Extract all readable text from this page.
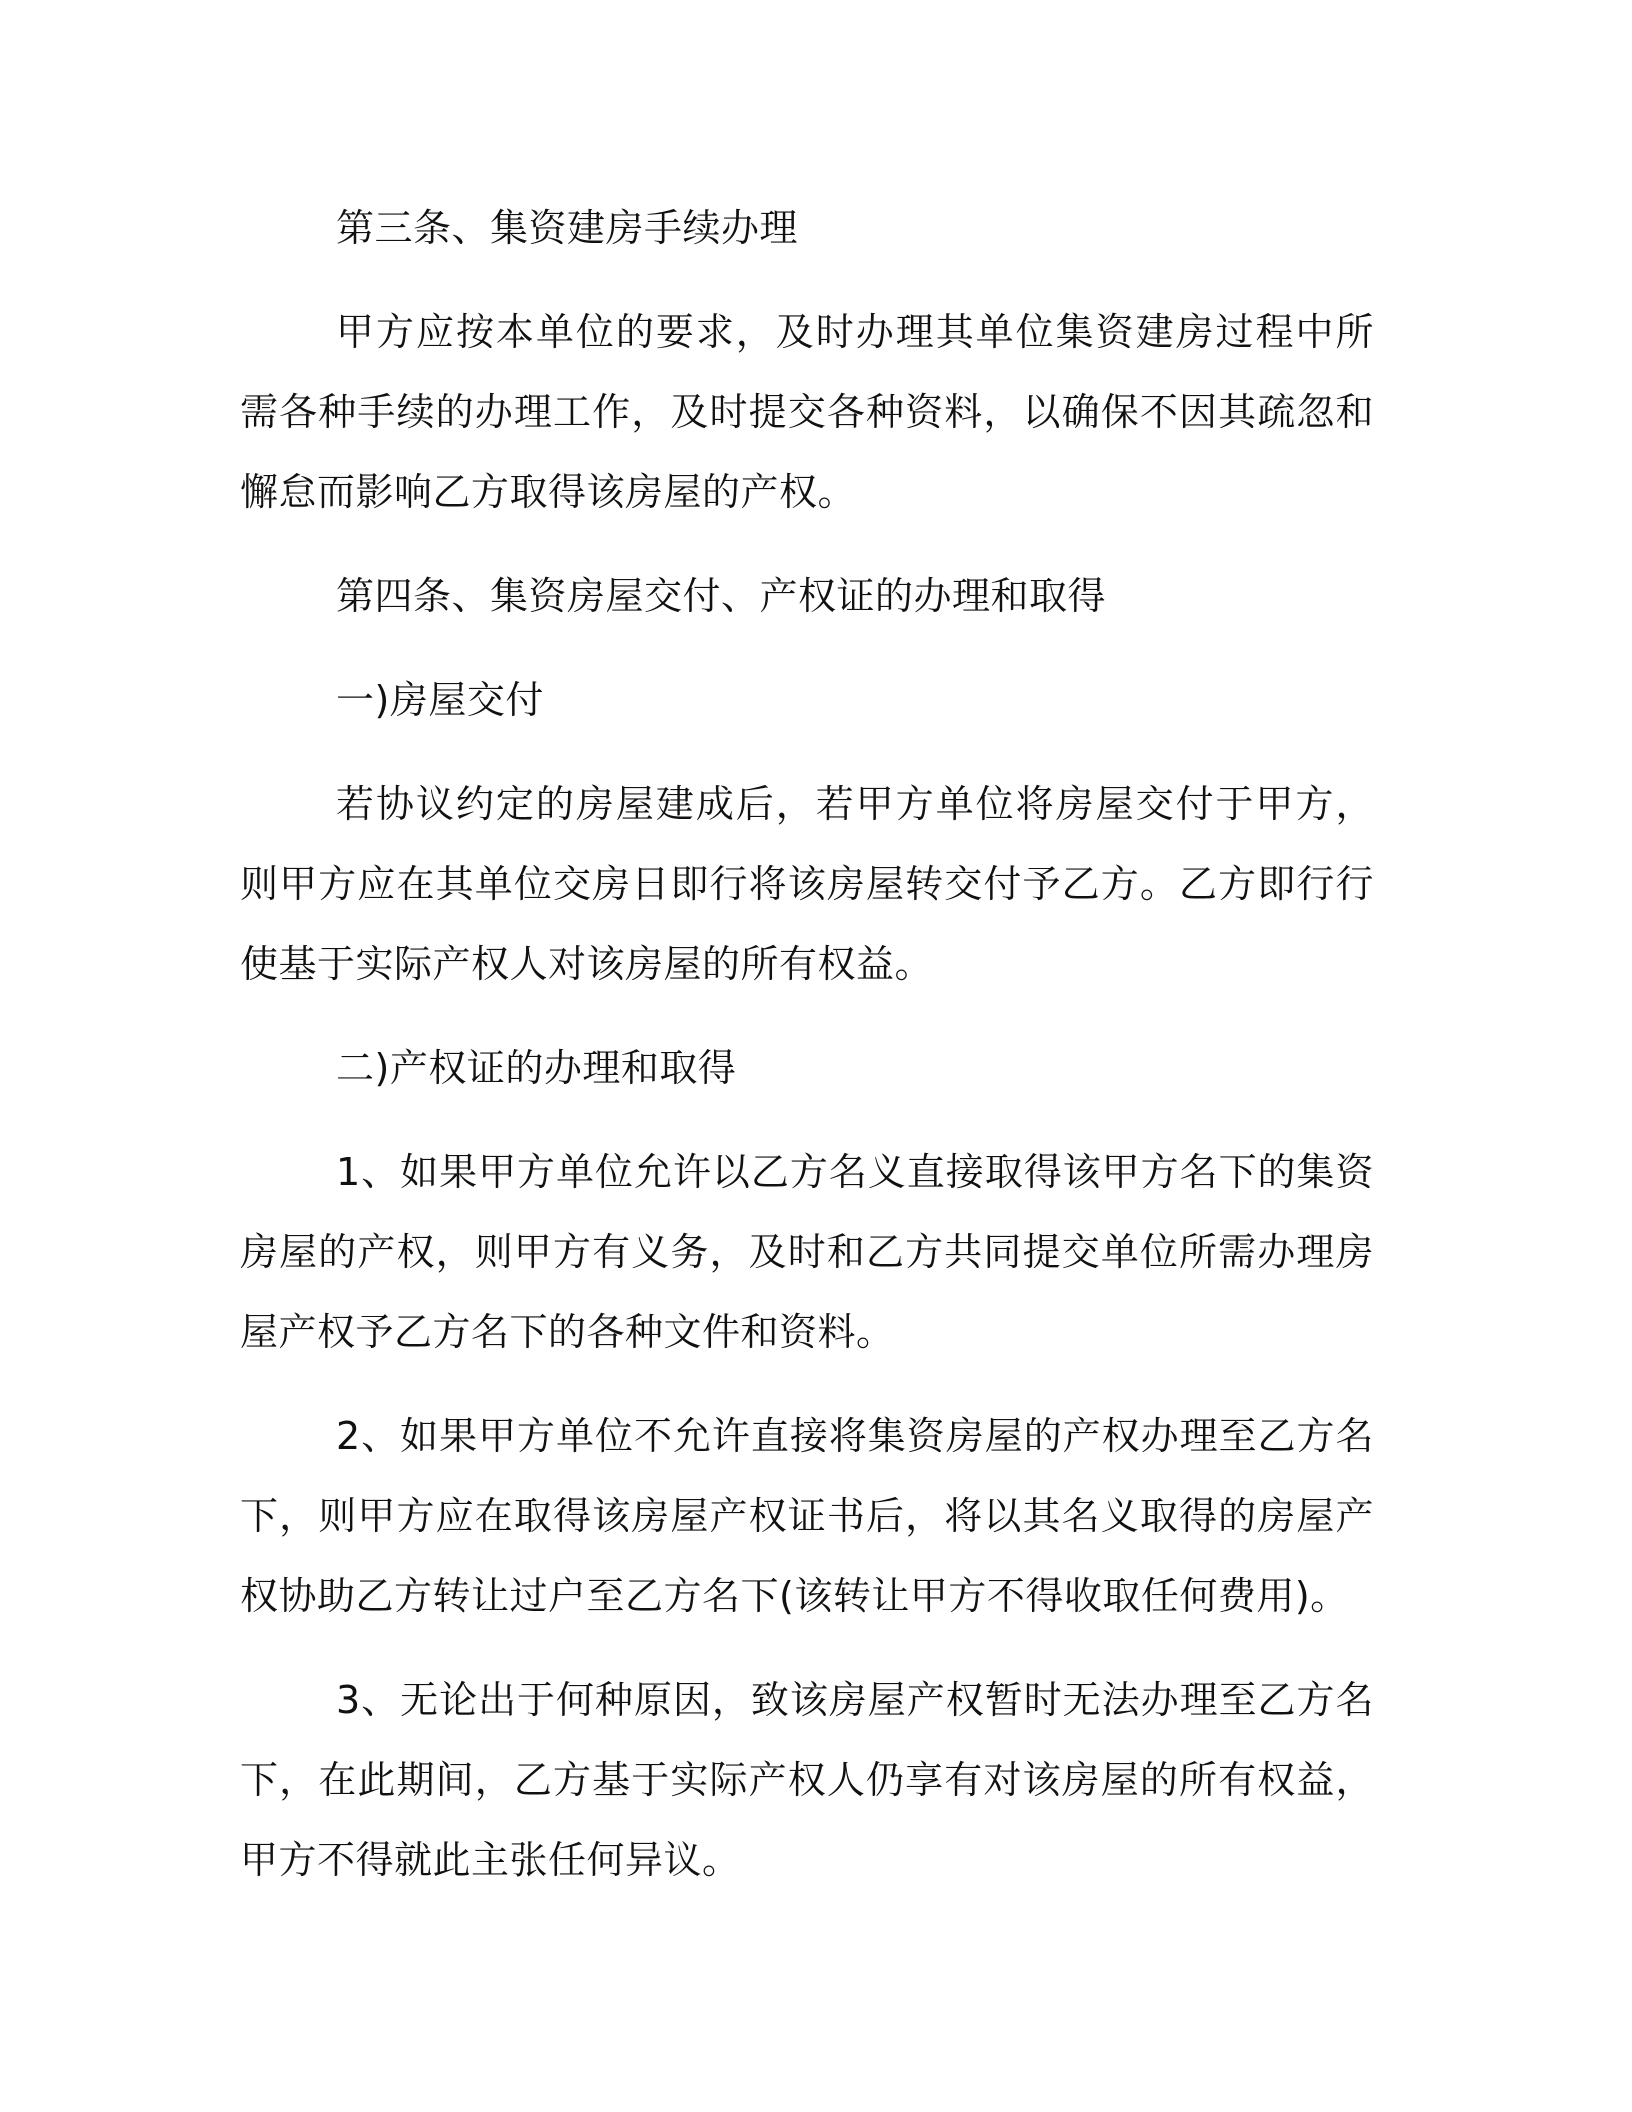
第三条、集资建房手续办理

甲方应按本单位的要求，及时办理其单位集资建房过程中所需各种手续的办理工作，及时提交各种资料，以确保不因其疏忽和懈怠而影响乙方取得该房屋的产权。

第四条、集资房屋交付、产权证的办理和取得

一)房屋交付

若协议约定的房屋建成后，若甲方单位将房屋交付于甲方，则甲方应在其单位交房日即行将该房屋转交付予乙方。乙方即行行使基于实际产权人对该房屋的所有权益。

二)产权证的办理和取得

1、如果甲方单位允许以乙方名义直接取得该甲方名下的集资房屋的产权，则甲方有义务，及时和乙方共同提交单位所需办理房屋产权予乙方名下的各种文件和资料。

2、如果甲方单位不允许直接将集资房屋的产权办理至乙方名下，则甲方应在取得该房屋产权证书后，将以其名义取得的房屋产权协助乙方转让过户至乙方名下(该转让甲方不得收取任何费用)。

3、无论出于何种原因，致该房屋产权暂时无法办理至乙方名下，在此期间，乙方基于实际产权人仍享有对该房屋的所有权益，甲方不得就此主张任何异议。
